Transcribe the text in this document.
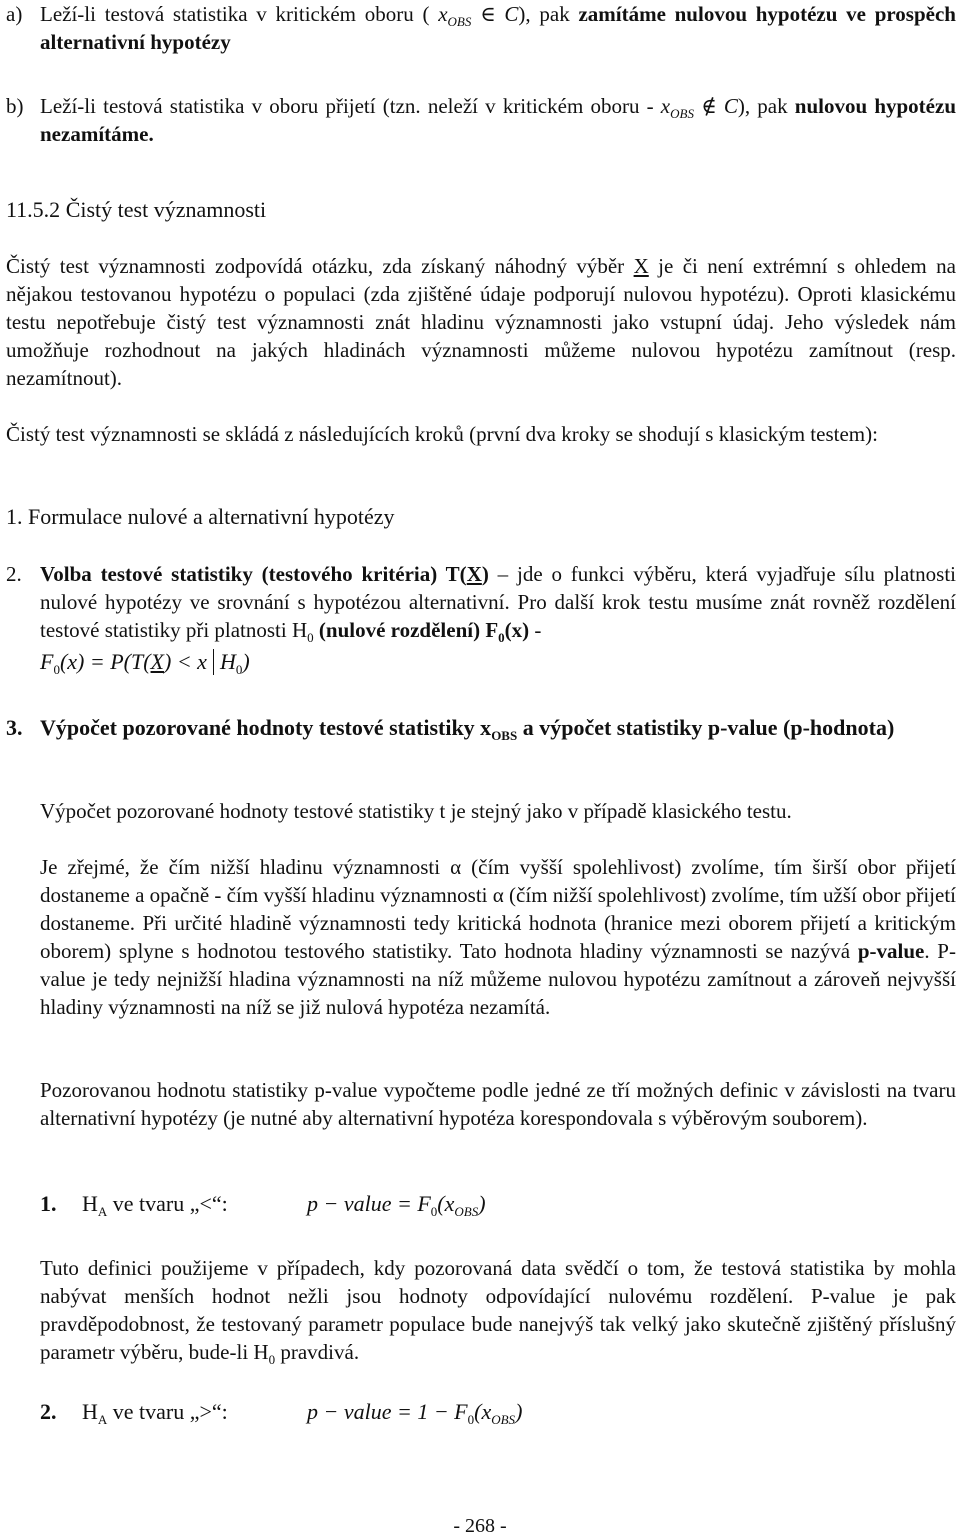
a) Leží-li testová statistika v kritickém oboru ( $x_{OBS}$ ∈ C), pak zamítáme nulovou hypotézu ve prospěch alternativní hypotézy
b) Leží-li testová statistika v oboru přijetí (tzn. neleží v kritickém oboru - $x_{OBS}$ ∉ C), pak nulovou hypotézu nezamítáme.
11.5.2 Čistý test významnosti
Čistý test významnosti zodpovídá otázku, zda získaný náhodný výběr X je či není extrémní s ohledem na nějakou testovanou hypotézu o populaci (zda zjištěné údaje podporují nulovou hypotézu). Oproti klasickému testu nepotřebuje čistý test významnosti znát hladinu významnosti jako vstupní údaj. Jeho výsledek nám umožňuje rozhodnout na jakých hladinách významnosti můžeme nulovou hypotézu zamítnout (resp. nezamítnout).
Čistý test významnosti se skládá z následujících kroků (první dva kroky se shodují s klasickým testem):
1. Formulace nulové a alternativní hypotézy
2. Volba testové statistiky (testového kritéria) T(X) – jde o funkci výběru, která vyjadřuje sílu platnosti nulové hypotézy ve srovnání s hypotézou alternativní. Pro další krok testu musíme znát rovněž rozdělení testové statistiky při platnosti $H_0$ (nulové rozdělení) $F_0(x)$ -
$F_0(x) = P(T(X) < x$ $H_0$)
3. Výpočet pozorované hodnoty testové statistiky $x_{OBS}$ a výpočet statistiky p-value (p-hodnota)
Výpočet pozorované hodnoty testové statistiky t je stejný jako v případě klasického testu.
Je zřejmé, že čím nižší hladinu významnosti α (čím vyšší spolehlivost) zvolíme, tím širší obor přijetí dostaneme a opačně - čím vyšší hladinu významnosti α (čím nižší spolehlivost) zvolíme, tím užší obor přijetí dostaneme. Při určité hladině významnosti tedy kritická hodnota (hranice mezi oborem přijetí a kritickým oborem) splyne s hodnotou testového statistiky. Tato hodnota hladiny významnosti se nazývá p-value. P-value je tedy nejnižší hladina významnosti na níž můžeme nulovou hypotézu zamítnout a zároveň nejvyšší hladiny významnosti na níž se již nulová hypotéza nezamítá.
Pozorovanou hodnotu statistiky p-value vypočteme podle jedné ze tří možných definic v závislosti na tvaru alternativní hypotézy (je nutné aby alternativní hypotéza korespondovala s výběrovým souborem).
1. $H_A$ ve tvaru „<“:	p − value = $F_0(x_{OBS})$
Tuto definici použijeme v případech, kdy pozorovaná data svědčí o tom, že testová statistika by mohla nabývat menších hodnot nežli jsou hodnoty odpovídající nulovému rozdělení. P-value je pak pravděpodobnost, že testovaný parametr populace bude nanejvýš tak velký jako skutečně zjištěný příslušný parametr výběru, bude-li $H_0$ pravdivá.
2. $H_A$ ve tvaru „>“:	p − value = $1 - F_0(x_{OBS})$
- 268 -
